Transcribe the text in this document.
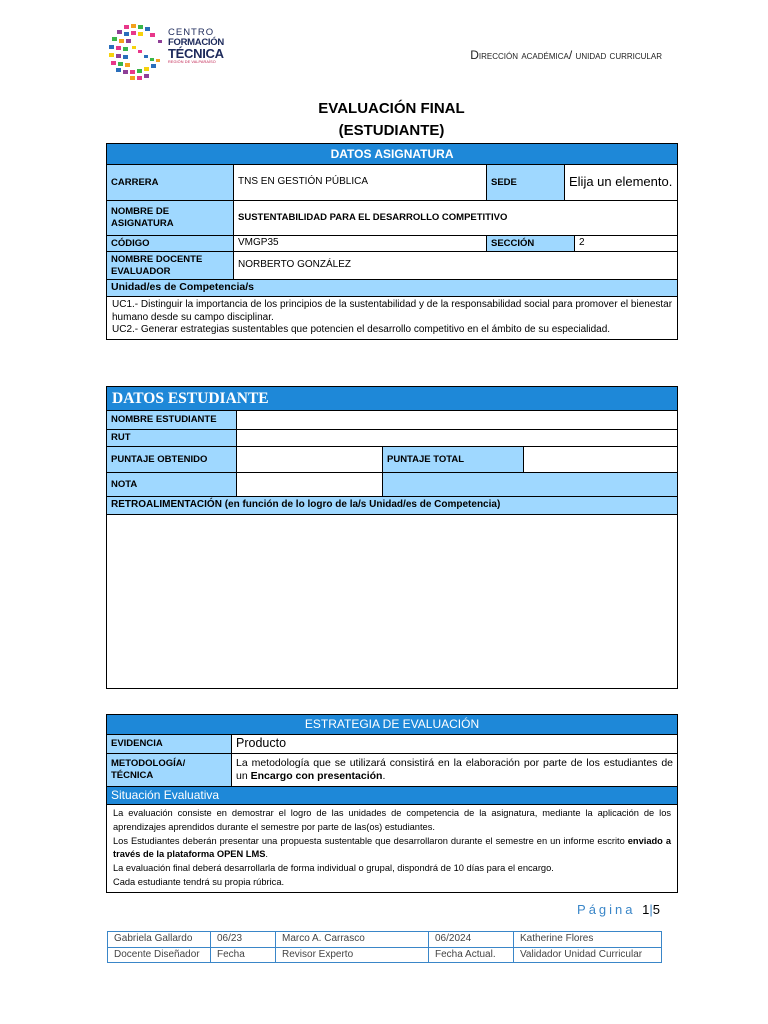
CENTRO
FORMACIÓN
TÉCNICA
REGIÓN DE VALPARAÍSO	Dirección académica/ unidad curricular
EVALUACIÓN FINAL
(ESTUDIANTE)
DATOS ASIGNATURA				
CARRERA	TNS EN GESTIÓN PÚBLICA	SEDE	Elija un elemento.	
NOMBRE DE ASIGNATURA	SUSTENTABILIDAD PARA EL DESARROLLO COMPETITIVO			
CÓDIGO	VMGP35	SECCIÓN		2
NOMBRE DOCENTE EVALUADOR	NORBERTO GONZÁLEZ			
Unidad/es de Competencia/s				

UC1.- Distinguir la importancia de los principios de la sustentabilidad y de la responsabilidad social para promover el bienestar humano desde su campo disciplinar.
UC2.- Generar estrategias sustentables que potencien el desarrollo competitivo en el ámbito de su especialidad.				
DATOS ESTUDIANTE			
NOMBRE ESTUDIANTE			
RUT			
PUNTAJE OBTENIDO		PUNTAJE TOTAL	
NOTA			
RETROALIMENTACIÓN (en función de lo logro de la/s Unidad/es de Competencia)			

ESTRATEGIA DE EVALUACIÓN	
EVIDENCIA	Producto
METODOLOGÍA/ TÉCNICA	La metodología que se utilizará consistirá en la elaboración por parte de los estudiantes de un Encargo con presentación.
Situación Evaluativa	

La evaluación consiste en demostrar el logro de las unidades de competencia de la asignatura, mediante la aplicación de los aprendizajes aprendidos durante el semestre por parte de las(os) estudiantes.
Los Estudiantes deberán presentar una propuesta sustentable que desarrollaron durante el semestre en un informe escrito enviado a través de la plataforma OPEN LMS.
La evaluación final deberá desarrollarla de forma individual o grupal, dispondrá de 10 días para el encargo.
Cada estudiante tendrá su propia rúbrica.	
Página 1|5
Gabriela Gallardo	06/23	Marco A. Carrasco	06/2024	Katherine Flores
Docente Diseñador	Fecha	Revisor Experto	Fecha Actual.	Validador Unidad Curricular
